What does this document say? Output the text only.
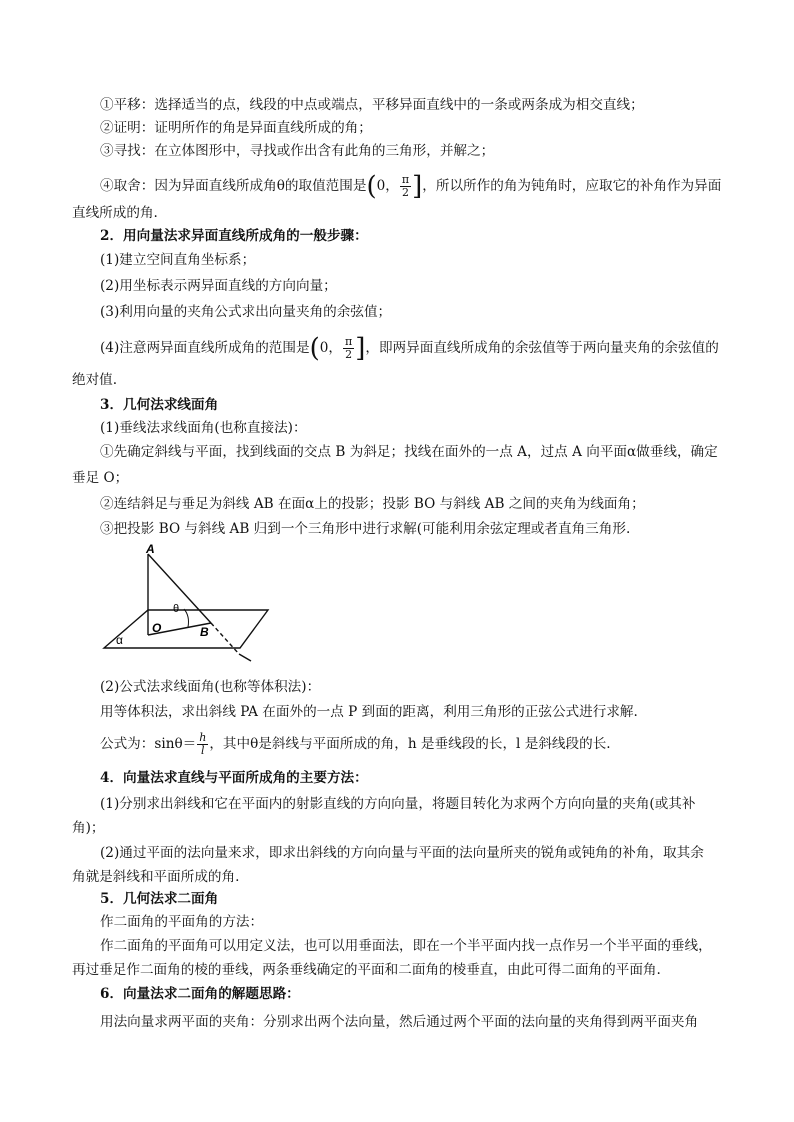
①平移：选择适当的点，线段的中点或端点，平移异面直线中的一条或两条成为相交直线；
②证明：证明所作的角是异面直线所成的角；
③寻找：在立体图形中，寻找或作出含有此角的三角形，并解之；
④取舍：因为异面直线所成角θ的取值范围是(0， $\frac{\pi}{2}$ ]，所以所作的角为钝角时，应取它的补角作为异面
直线所成的角.
2．用向量法求异面直线所成角的一般步骤：
(1)建立空间直角坐标系；
(2)用坐标表示两异面直线的方向向量；
(3)利用向量的夹角公式求出向量夹角的余弦值；
(4)注意两异面直线所成角的范围是(0， $\frac{\pi}{2}$ ]，即两异面直线所成角的余弦值等于两向量夹角的余弦值的
绝对值.
3．几何法求线面角
(1)垂线法求线面角(也称直接法)：
①先确定斜线与平面，找到线面的交点 B 为斜足；找线在面外的一点 A，过点 A 向平面α做垂线，确定
垂足 O；
②连结斜足与垂足为斜线 AB 在面α上的投影；投影 BO 与斜线 AB 之间的夹角为线面角；
③把投影 BO 与斜线 AB 归到一个三角形中进行求解(可能利用余弦定理或者直角三角形.
A
O	B
α
θ
(2)公式法求线面角(也称等体积法)：
用等体积法，求出斜线 PA 在面外的一点 P 到面的距离，利用三角形的正弦公式进行求解.
公式为：$\sin\theta= \frac{h}{l}$ ，其中θ是斜线与平面所成的角，h 是垂线段的长，l 是斜线段的长.
4．向量法求直线与平面所成角的主要方法：
(1)分别求出斜线和它在平面内的射影直线的方向向量，将题目转化为求两个方向向量的夹角(或其补
角)；
(2)通过平面的法向量来求，即求出斜线的方向向量与平面的法向量所夹的锐角或钝角的补角，取其余
角就是斜线和平面所成的角.
5．几何法求二面角
作二面角的平面角的方法：
作二面角的平面角可以用定义法，也可以用垂面法，即在一个半平面内找一点作另一个半平面的垂线，
再过垂足作二面角的棱的垂线，两条垂线确定的平面和二面角的棱垂直，由此可得二面角的平面角.
6．向量法求二面角的解题思路：
用法向量求两平面的夹角：分别求出两个法向量，然后通过两个平面的法向量的夹角得到两平面夹角
